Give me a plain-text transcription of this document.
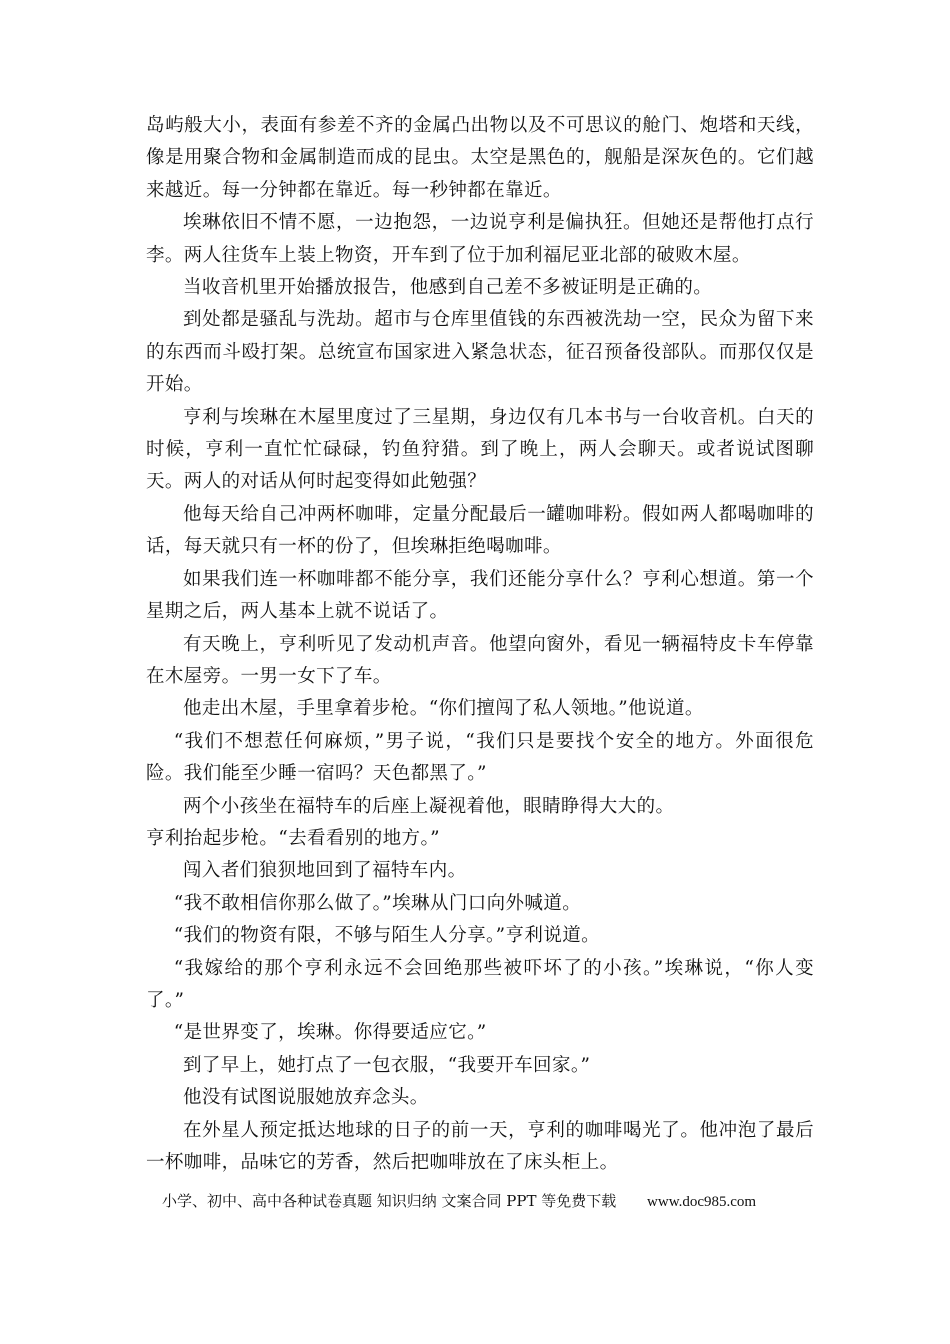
岛屿般大小，表面有参差不齐的金属凸出物以及不可思议的舱门、炮塔和天线，像是用聚合物和金属制造而成的昆虫。太空是黑色的，舰船是深灰色的。它们越来越近。每一分钟都在靠近。每一秒钟都在靠近。

埃琳依旧不情不愿，一边抱怨，一边说亨利是偏执狂。但她还是帮他打点行李。两人往货车上装上物资，开车到了位于加利福尼亚北部的破败木屋。

当收音机里开始播放报告，他感到自己差不多被证明是正确的。

到处都是骚乱与洗劫。超市与仓库里值钱的东西被洗劫一空，民众为留下来的东西而斗殴打架。总统宣布国家进入紧急状态，征召预备役部队。而那仅仅是开始。

亨利与埃琳在木屋里度过了三星期，身边仅有几本书与一台收音机。白天的时候，亨利一直忙忙碌碌，钓鱼狩猎。到了晚上，两人会聊天。或者说试图聊天。两人的对话从何时起变得如此勉强？

他每天给自己冲两杯咖啡，定量分配最后一罐咖啡粉。假如两人都喝咖啡的话，每天就只有一杯的份了，但埃琳拒绝喝咖啡。

如果我们连一杯咖啡都不能分享，我们还能分享什么？亨利心想道。第一个星期之后，两人基本上就不说话了。

有天晚上，亨利听见了发动机声音。他望向窗外，看见一辆福特皮卡车停靠在木屋旁。一男一女下了车。

他走出木屋，手里拿着步枪。“你们擅闯了私人领地。”他说道。

“我们不想惹任何麻烦，”男子说，“我们只是要找个安全的地方。外面很危险。我们能至少睡一宿吗？天色都黑了。”

两个小孩坐在福特车的后座上凝视着他，眼睛睁得大大的。

亨利抬起步枪。“去看看别的地方。”

闯入者们狼狈地回到了福特车内。

“我不敢相信你那么做了。”埃琳从门口向外喊道。

“我们的物资有限，不够与陌生人分享。”亨利说道。

“我嫁给的那个亨利永远不会回绝那些被吓坏了的小孩。”埃琳说，“你人变了。”

“是世界变了，埃琳。你得要适应它。”

到了早上，她打点了一包衣服，“我要开车回家。”

他没有试图说服她放弃念头。

在外星人预定抵达地球的日子的前一天，亨利的咖啡喝光了。他冲泡了最后一杯咖啡，品味它的芳香，然后把咖啡放在了床头柜上。

小学、初中、高中各种试卷真题 知识归纳 文案合同 PPT 等免费下载 www.doc985.com
